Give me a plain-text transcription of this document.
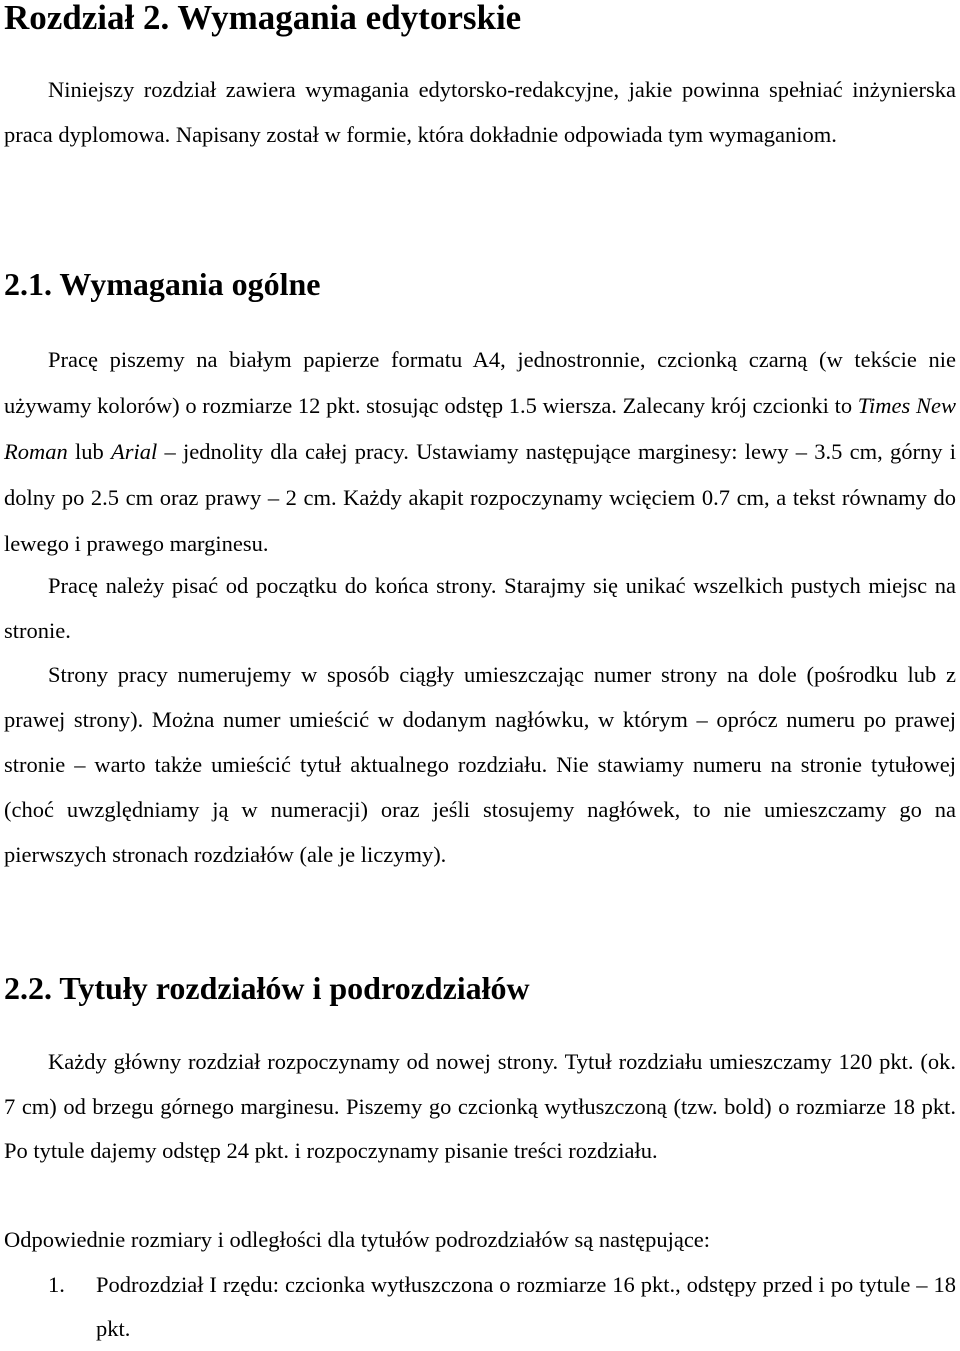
Rozdział 2. Wymagania edytorskie

Niniejszy rozdział zawiera wymagania edytorsko-redakcyjne, jakie powinna spełniać inżynierska praca dyplomowa. Napisany został w formie, która dokładnie odpowiada tym wymaganiom.

2.1. Wymagania ogólne

Pracę piszemy na białym papierze formatu A4, jednostronnie, czcionką czarną (w tekście nie używamy kolorów) o rozmiarze 12 pkt. stosując odstęp 1.5 wiersza. Zalecany krój czcionki to Times New Roman lub Arial – jednolity dla całej pracy. Ustawiamy następujące marginesy: lewy – 3.5 cm, górny i dolny po 2.5 cm oraz prawy – 2 cm. Każdy akapit rozpoczynamy wcięciem 0.7 cm, a tekst równamy do lewego i prawego marginesu.

Pracę należy pisać od początku do końca strony. Starajmy się unikać wszelkich pustych miejsc na stronie.

Strony pracy numerujemy w sposób ciągły umieszczając numer strony na dole (pośrodku lub z prawej strony). Można numer umieścić w dodanym nagłówku, w którym – oprócz numeru po prawej stronie – warto także umieścić tytuł aktualnego rozdziału. Nie stawiamy numeru na stronie tytułowej (choć uwzględniamy ją w numeracji) oraz jeśli stosujemy nagłówek, to nie umieszczamy go na pierwszych stronach rozdziałów (ale je liczymy).

2.2. Tytuły rozdziałów i podrozdziałów

Każdy główny rozdział rozpoczynamy od nowej strony. Tytuł rozdziału umieszczamy 120 pkt. (ok. 7 cm) od brzegu górnego marginesu. Piszemy go czcionką wytłuszczoną (tzw. bold) o rozmiarze 18 pkt. Po tytule dajemy odstęp 24 pkt. i rozpoczynamy pisanie treści rozdziału.

Odpowiednie rozmiary i odległości dla tytułów podrozdziałów są następujące:

1. Podrozdział I rzędu: czcionka wytłuszczona o rozmiarze 16 pkt., odstępy przed i po tytule – 18 pkt.
